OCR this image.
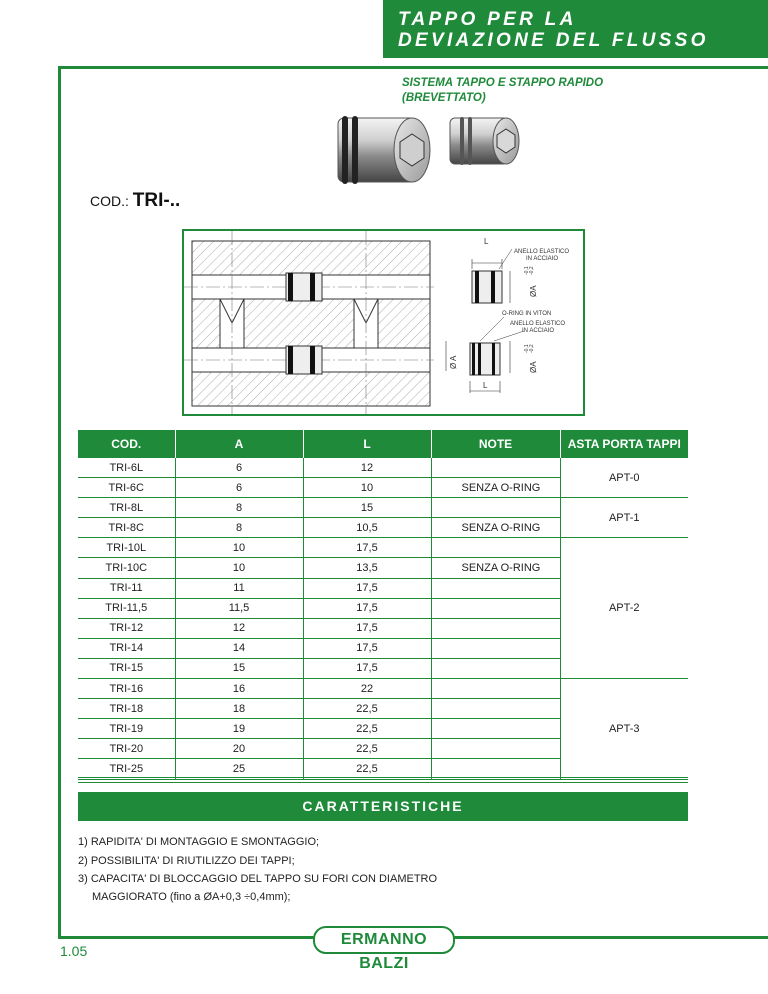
TAPPO PER LA
DEVIAZIONE DEL FLUSSO
SISTEMA TAPPO E STAPPO RAPIDO
(BREVETTATO)
COD.: TRI-..
L
ANELLO ELASTICO
IN ACCIAIO
ØA
-0,1 -0,2
O-RING IN VITON
ANELLO ELASTICO
IN ACCIAIO
Ø A	ØA
-0,1 -0,2
L
COD.	A	L	NOTE	ASTA PORTA TAPPI
TRI-6L	6	12		APT-0
TRI-6C	6	10	SENZA O-RING	
TRI-8L	8	15		APT-1
TRI-8C	8	10,5	SENZA O-RING	
TRI-10L	10	17,5		APT-2
TRI-10C	10	13,5	SENZA O-RING	
TRI-11	11	17,5		
TRI-11,5	11,5	17,5		
TRI-12	12	17,5		
TRI-14	14	17,5		
TRI-15	15	17,5		
TRI-16	16	22		APT-3
TRI-18	18	22,5		
TRI-19	19	22,5		
TRI-20	20	22,5		
TRI-25	25	22,5		
CARATTERISTICHE
1) RAPIDITA' DI MONTAGGIO E SMONTAGGIO;
2) POSSIBILITA' DI RIUTILIZZO DEI TAPPI;
3) CAPACITA' DI BLOCCAGGIO DEL TAPPO SU FORI CON DIAMETRO
MAGGIORATO (fino a ØA+0,3 ÷0,4mm);
1.05
ERMANNO BALZI
